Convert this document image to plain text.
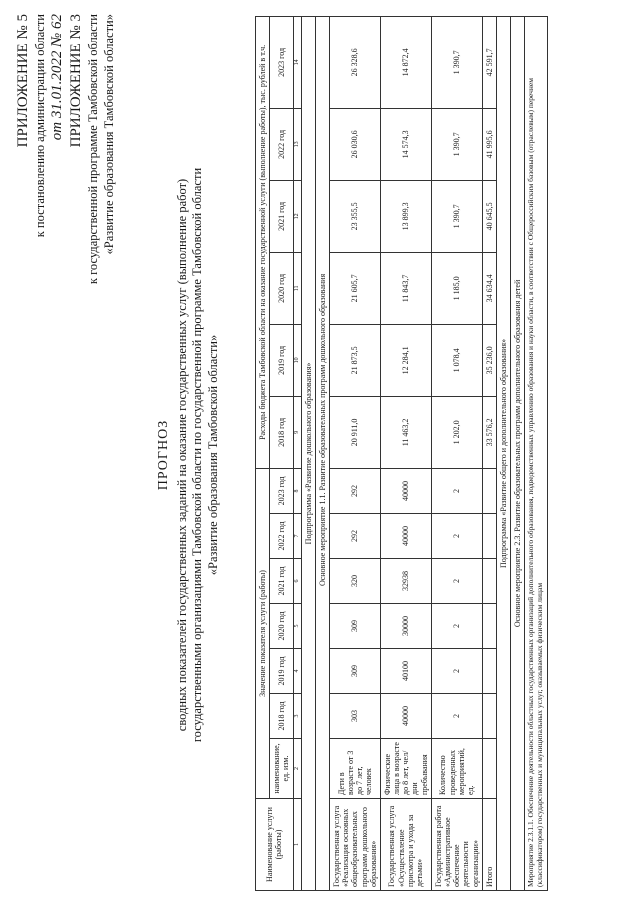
ПРИЛОЖЕНИЕ № 5 к постановлению администрации области от 31.01.2022 № 62 ПРИЛОЖЕНИЕ № 3 к государственной программе Тамбовской области «Развитие образования Тамбовской области»
ПРОГНОЗ сводных показателей государственных заданий на оказание государственных услуг (выполнение работ) государственными организациями Тамбовской области по государственной программе Тамбовской области «Развитие образования Тамбовской области»
Наименование услуги (работы)	Значение показателя услуги (работы)							Расходы бюджета Тамбовской области на оказание государственной услуги (выполнение работы), тыс. рублей в т.ч.					
	наименование, ед. изм.	2018 год	2019 год	2020 год	2021 год	2022 год	2023 год	2018 год	2019 год	2020 год	2021 год	2022 год	2023 год
1	2	3	4	5	6	7	8	9	10	11	12	13	14
Подпрограмма «Развитие дошкольного образования»													
Основное мероприятие 1.1. Развитие образовательных программ дошкольного образования													
Государственная услуга «Реализация основных общеобразовательных программ дошкольного образования»	Дети в возрасте от 3 до 7 лет, человек	303	309	309	320	292	292	20 911,0	21 873,5	21 605,7	23 355,5	26 030,6	26 328,6
Государственная услуга «Осуществление присмотра и ухода за детьми»	Физические лица в возрасте до 8 лет, чел/дни пребывания	40000	40100	30000	32938	40000	40000	11 463,2	12 284,1	11 843,7	13 899,3	14 574,3	14 872,4
Государственная работа «Административное обеспечение деятельности организации»	Количество проведенных мероприятий, ед.	2	2	2	2	2	2	1 202,0	1 078,4	1 185,0	1 390,7	1 390,7	1 390,7
Итого								33 576,2	35 236,0	34 634,4	40 645,5	41 995,6	42 591,7
Подпрограмма «Развитие общего и дополнительного образования»													
Основное мероприятие 2.3. Развитие образовательных программ дополнительного образования детей													
Мероприятие 2.3.1.1. Обеспечение деятельности областных государственных организаций дополнительного образования, подведомственных управлению образования и науки области, в соответствии с Общероссийским базовым (отраслевым) перечнем (классификатором) государственных и муниципальных услуг, оказываемых физическим лицам													
